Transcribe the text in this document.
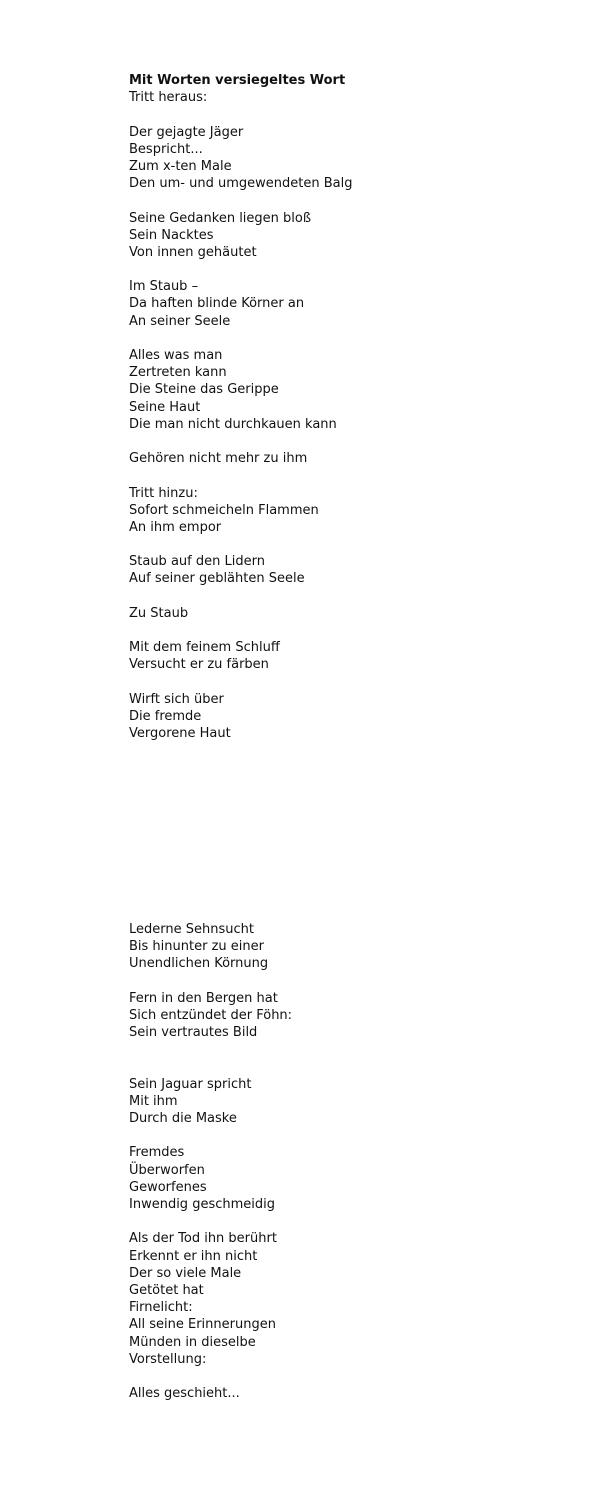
Mit Worten versiegeltes Wort
Tritt heraus:
Der gejagte Jäger
Bespricht...
Zum x-ten Male
Den um- und umgewendeten Balg
Seine Gedanken liegen bloß
Sein Nacktes
Von innen gehäutet
Im Staub –
Da haften blinde Körner an
An seiner Seele
Alles was man
Zertreten kann
Die Steine das Gerippe
Seine Haut
Die man nicht durchkauen kann
Gehören nicht mehr zu ihm
Tritt hinzu:
Sofort schmeicheln Flammen
An ihm empor
Staub auf den Lidern
Auf seiner geblähten Seele
Zu Staub
Mit dem feinem Schluff
Versucht er zu färben
Wirft sich über
Die fremde
Vergorene Haut
Lederne Sehnsucht
Bis hinunter zu einer
Unendlichen Körnung
Fern in den Bergen hat
Sich entzündet der Föhn:
Sein vertrautes Bild
Sein Jaguar spricht
Mit ihm
Durch die Maske
Fremdes
Überworfen
Geworfenes
Inwendig geschmeidig
Als der Tod ihn berührt
Erkennt er ihn nicht
Der so viele Male
Getötet hat
Firnelicht:
All seine Erinnerungen
Münden in dieselbe
Vorstellung:
Alles geschieht...
